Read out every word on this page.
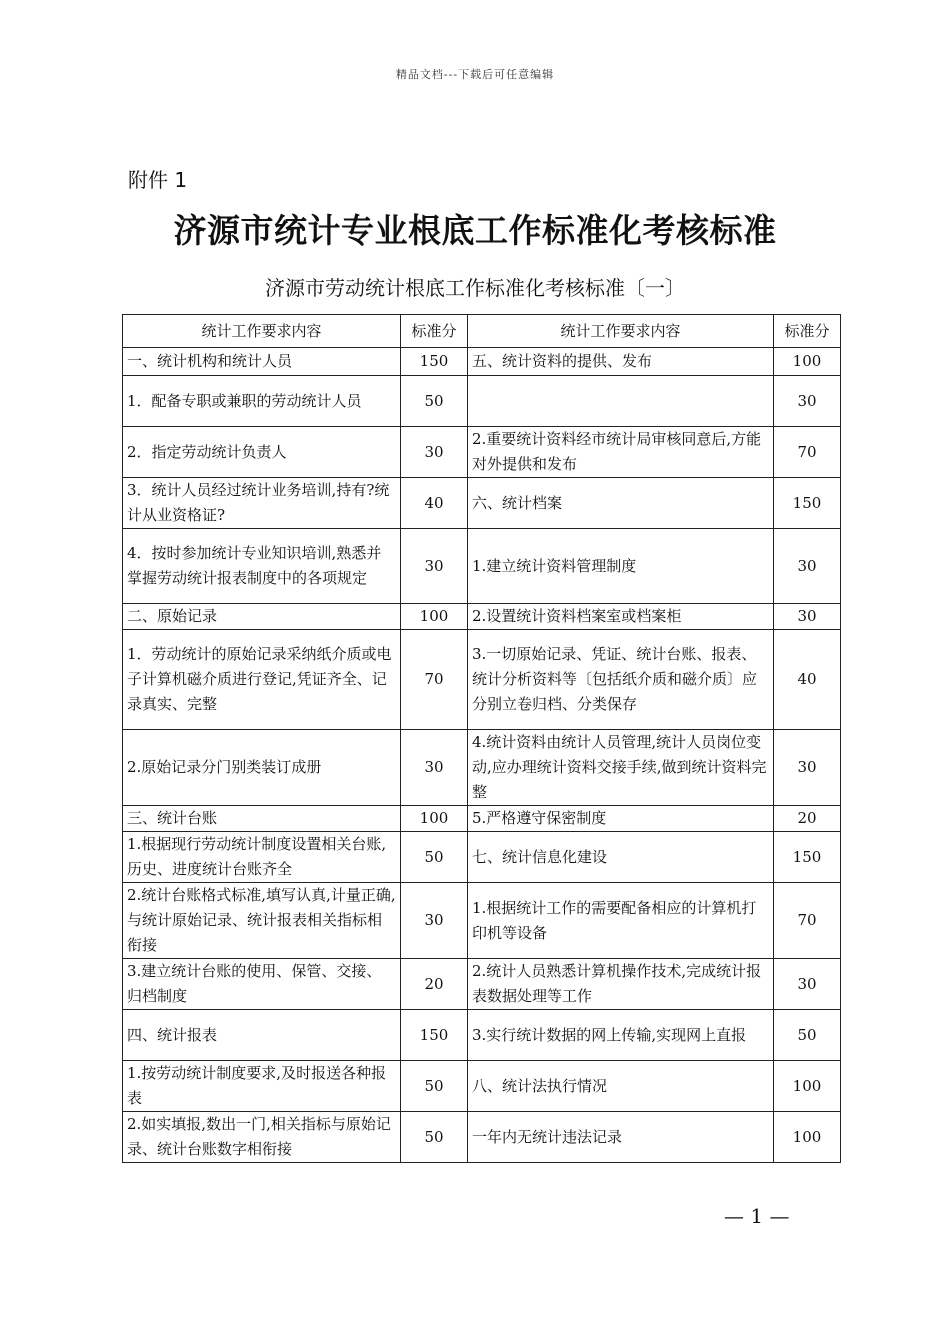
精品文档---下载后可任意编辑
附件 1
济源市统计专业根底工作标准化考核标准
济源市劳动统计根底工作标准化考核标准〔一〕
统计工作要求内容	标准分	统计工作要求内容	标准分
一、统计机构和统计人员	150	五、统计资料的提供、发布	100
1．配备专职或兼职的劳动统计人员	50		30
2．指定劳动统计负责人	30	2.重要统计资料经市统计局审核同意后,方能对外提供和发布	70
3．统计人员经过统计业务培训,持有?统计从业资格证?	40	六、统计档案	150
4．按时参加统计专业知识培训,熟悉并掌握劳动统计报表制度中的各项规定	30	1.建立统计资料管理制度	30
二、原始记录	100	2.设置统计资料档案室或档案柜	30
1．劳动统计的原始记录采纳纸介质或电子计算机磁介质进行登记,凭证齐全、记录真实、完整	70	3.一切原始记录、凭证、统计台账、报表、统计分析资料等〔包括纸介质和磁介质〕应分别立卷归档、分类保存	40
2.原始记录分门别类装订成册	30	4.统计资料由统计人员管理,统计人员岗位变动,应办理统计资料交接手续,做到统计资料完整	30
三、统计台账	100	5.严格遵守保密制度	20
1.根据现行劳动统计制度设置相关台账,历史、进度统计台账齐全	50	七、统计信息化建设	150
2.统计台账格式标准,填写认真,计量正确,与统计原始记录、统计报表相关指标相衔接	30	1.根据统计工作的需要配备相应的计算机打印机等设备	70
3.建立统计台账的使用、保管、交接、归档制度	20	2.统计人员熟悉计算机操作技术,完成统计报表数据处理等工作	30
四、统计报表	150	3.实行统计数据的网上传输,实现网上直报	50
1.按劳动统计制度要求,及时报送各种报表	50	八、统计法执行情况	100
2.如实填报,数出一门,相关指标与原始记录、统计台账数字相衔接	50	一年内无统计违法记录	100
— 1 —
